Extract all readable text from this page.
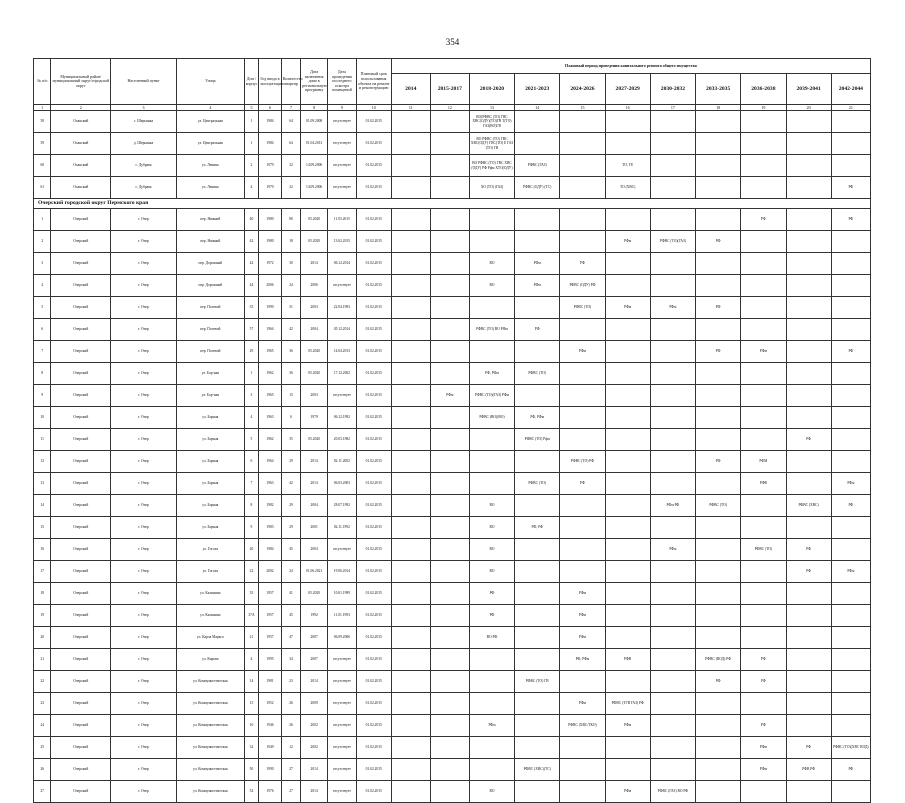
354
№ п/п	Муниципальный район/муниципальный округ/городской округ	Населенный пункт	Улица	Дом / корпус	Год ввода в эксплуатацию	Количество квартир	Дата включения дома в региональную программу	Дата проведения последнего осмотра помещений	Плановый срок использования объекта на ремонт и реконструкцию	Плановый период проведения капитального ремонта общего имущества										
										2014	2015-2017	2018-2020	2021-2023	2024-2026	2027-2029	2030-2032	2033-2035	2036-2038	2039-2041	2042-2044
1	2	3	4	5	6	7	8	9	10	11	12	13	14	15	16	17	18	19	20	21
58	Оханский	с. Шерьинка	ул. Центральная	1	1984	64	01.09.2008	отсутствует	01.02.2015			ВО(РФВС (ТО) ГВС ХВС(ОДУ)(ТО)ГВ Т(ТО) ГАЗ(ВО)ГВ								
59	Оханский	д. Шерьинка	ул. Центральная	1	1984	64	01.04.2013	отсутствует	01.02.2015			ВО РФВС (ТО) ГВС ХВС(ОДУ) ГВС(ТО) Е ГАЗ (ТО) ГВ								
60	Оханский	с. Дубрава	ул. Ленина	2	1979	32	14.09.2006	отсутствует	01.02.2015			ВО РФВС (ТО) ГВС ХВС (ОДУ) РФ Рфм ХТО(ОДУ)	РФВС (ГАЗ)		ТО, ТЕ					
61	Оханский	с. Дубрава	ул. Ленина	4	1970	32	14.09.2006	отсутствует	01.02.2015			ХО (ТО) (ГАЗ)	РФВС (ОДУ) (ТС)		ТО (ХВС)					РФ
Очерский городской округ Пермского края																				
1	Очерский	г. Очер	пер. Нижний	40	1980	80	05.2020	11.03.2015	01.02.2015									РФ		РФ
2	Очерский	г. Очер	пер. Нижний	42	1980	18	05.2020	13.02.2015	01.02.2015						РФм	РФВС (ТО)(ГАЗ)	РФ			
3	Очерский	г. Очер	пер. Дорожный	42	1972	30	2014	06.12.2014	01.02.2015			ВО	РФм	РФ						
4	Очерский	г. Очер	пер. Дорожный	44	2006	24	2006	отсутствует	01.02.2015			ВО	РФм	РФВС (ОДУ) РФ						
5	Очерский	г. Очер	пер. Полевой	55	1990	51	2003	22.04.1993	01.02.2015					РФВС (ТО)	РФм	РФм	РФ			
6	Очерский	г. Очер	пер. Полевой	57	1964	42	2004	05.12.2014	01.02.2015			РФВС (ТО) ВО РФм	РФ							
7	Очерский	г. Очер	пер. Полевой	29	1965	36	05.2020	14.04.2013	01.02.2015					РФм			РФ	РФм		РФ
8	Очерский	г. Очер	ул. Бор-ная	1	1962	36	05.2020	17.12.2002	01.02.2015			РФ, РФм	РФВС (ТО)							
9	Очерский	г. Очер	ул. Бор-ная	3	1965	15	2003	отсутствует	01.02.2015		РФм	РФВС (ТО)(ГАЗ) РФм								
10	Очерский	г. Очер	ул. Борная	4	1963	6	1979	06.12.1992	01.02.2015			РФВС (ВО)(ВО)	РФ, РФм							
11	Очерский	г. Очер	ул. Борная	5	1962	35	05.2020	20.03.1982	01.02.2015				РФВС (ТО) Рфм						РФ	
12	Очерский	г. Очер	ул. Борная	6	1964	29	2014	02.11.2002	01.02.2015					РФВС (ТО) РФ			РФ	РФМ		
13	Очерский	г. Очер	ул. Борная	7	1963	42	2014	06.03.2003	01.02.2015				РФВС (ТО)	РФ				РФВ		РФм
14	Очерский	г. Очер	ул. Борная	8	1982	29	2004	28.07.1992	01.02.2015			ВО				РФм РФ	РФВС (ТО)		РФВС (ХВС)	РФ
15	Очерский	г. Очер	ул. Борная	9	1983	29	2001	02.11.1992	01.02.2015			ВО	РФ, РФ							
16	Очерский	г. Очер	ул. Гоголя	20	1984	45	2004	отсутствует	01.02.2015			ВО				РФм		РФВС (ТО)	РФ	
17	Очерский	г. Очер	ул. Гоголя	22	2002	24	01.06.2021	19.06.2014	01.02.2015			ВО							РФ	РФм
18	Очерский	г. Очер	ул. Калинина	35	1957	41	05.2020	10.01.1999	01.02.2015			РФ		РФм						
19	Очерский	г. Очер	ул. Калинина	37А	1957	45	1992	11.01.1993	01.02.2015			РФ		РФм						
20	Очерский	г. Очер	ул. Карла Маркса	21	1957	47	2007	06.09.2006	01.02.2015			ВО РФ		РФм						
21	Очерский	г. Очер	ул. Кирова	4	1995	34	2007	отсутствует	01.02.2015					РФ, РФм	РФВ		РФВС (ВОД) РФ	РФ		
22	Очерский	г. Очер	ул. Коммунистическая	14	1981	23	2014	отсутствует	01.02.2015				РФВС (ТО) ГВ				РФ	РФ		
23	Очерский	г. Очер	ул. Коммунистическая	15	1952	26	2009	отсутствует	01.02.2015					РФм	РФВС (ТГВ ГАЗ) РФ					
24	Очерский	г. Очер	ул. Коммунистическая	16	1946	26	2002	отсутствует	01.02.2015			РФм		РФВС (ХВС/ТКО)	РФм			РФ		
25	Очерский	г. Очер	ул. Коммунистическая	32	1949	12	2002	отсутствует	01.02.2015									РФм	РФ	РФВС (ТО)(ХВС ВОД)
26	Очерский	г. Очер	ул. Коммунистическая	50	1990	27	2014	отсутствует	01.02.2015				РФВС (ХВС)(ТС)					РФм	РФВ РФ	РФ
27	Очерский	г. Очер	ул. Коммунистическая	52	1976	27	2014	отсутствует	01.02.2015			ВО			РФм	РФВС (ГАЗ) ВО РФ				
